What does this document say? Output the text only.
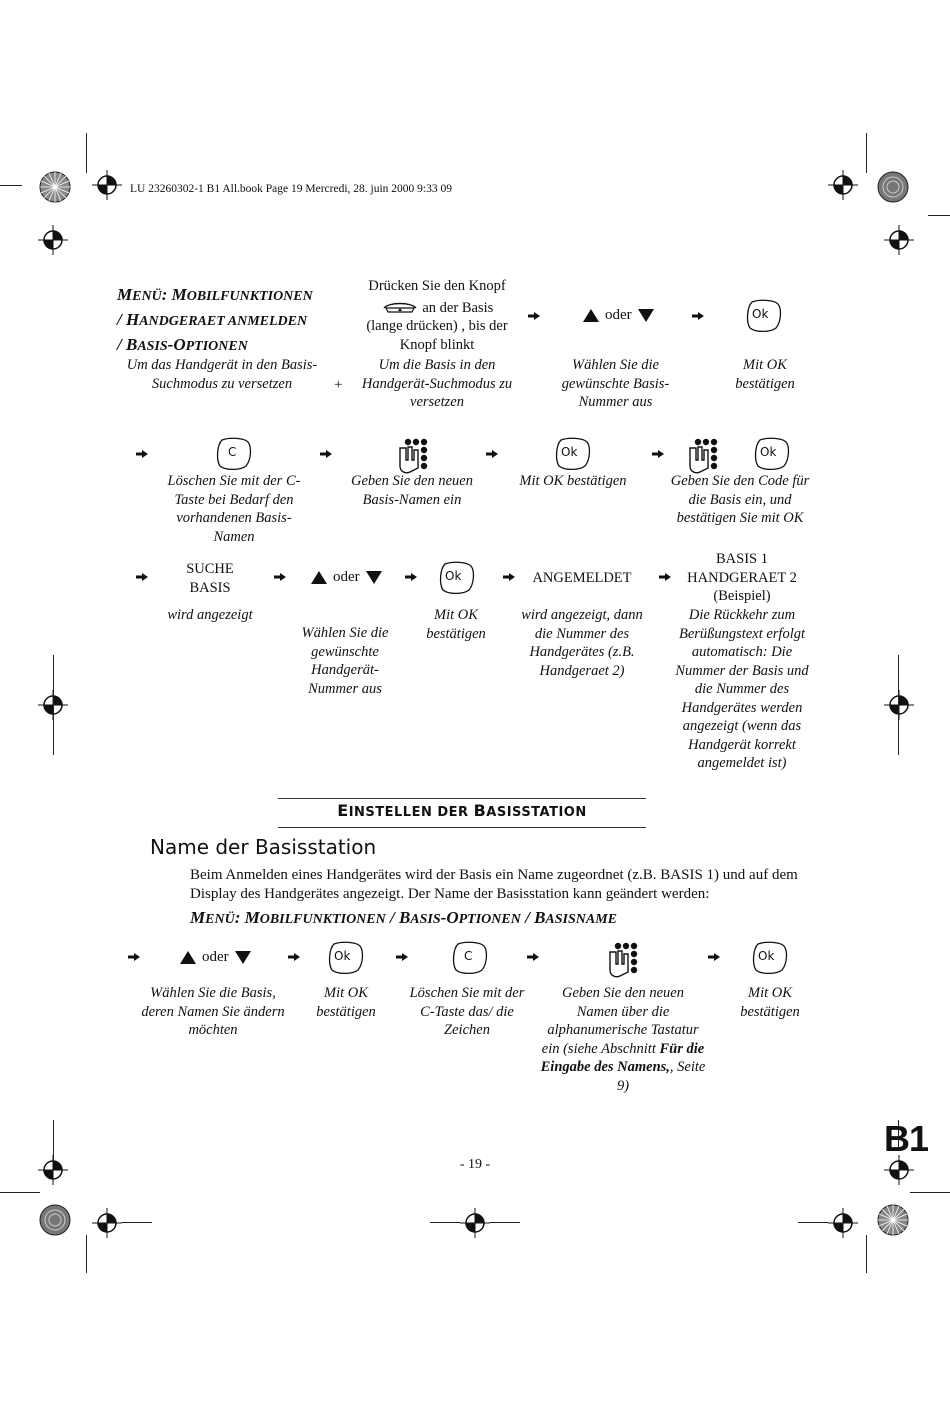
LU 23260302-1 B1 All.book Page 19 Mercredi, 28. juin 2000 9:33 09
MENÜ: MOBILFUNKTIONEN
/ HANDGERAET ANMELDEN
/ BASIS-OPTIONEN
Um das Handgerät in den Basis-Suchmodus zu versetzen	+
Drücken Sie den Knopf
an der Basis
(lange drücken) , bis der Knopf blinkt
Um die Basis in den Handgerät-Suchmodus zu versetzen
oder
Wählen Sie die gewünschte Basis-Nummer aus
Ok
Mit OK bestätigen
C
Löschen Sie mit der C-Taste bei Bedarf den vorhandenen Basis-Namen
Geben Sie den neuen Basis-Namen ein
Ok
Mit OK bestätigen
Ok
Geben Sie den Code für die Basis ein, und bestätigen Sie mit OK
SUCHE BASIS
wird angezeigt
oder
Wählen Sie die gewünschte Handgerät-Nummer aus
Ok
Mit OK bestätigen
ANGEMELDET
wird angezeigt, dann die Nummer des Handgerätes (z.B. Handgeraet 2)
BASIS 1
HANDGERAET 2
(Beispiel)
Die Rückkehr zum Berüßungstext erfolgt automatisch: Die Nummer der Basis und die Nummer des Handgerätes werden angezeigt (wenn das Handgerät korrekt angemeldet ist)
EINSTELLEN DER BASISSTATION
Name der Basisstation
Beim Anmelden eines Handgerätes wird der Basis ein Name zugeordnet (z.B. BASIS 1) und auf dem Display des Handgerätes angezeigt. Der Name der Basisstation kann geändert werden:
MENÜ: MOBILFUNKTIONEN / BASIS-OPTIONEN / BASISNAME
oder
Wählen Sie die Basis, deren Namen Sie ändern möchten
Ok
Mit OK bestätigen
C
Löschen Sie mit der C-Taste das/ die Zeichen
Geben Sie den neuen Namen über die alphanumerische Tastatur ein (siehe Abschnitt Für die Eingabe des Namens,, Seite 9)
Ok
Mit OK bestätigen
- 19 -
B1
